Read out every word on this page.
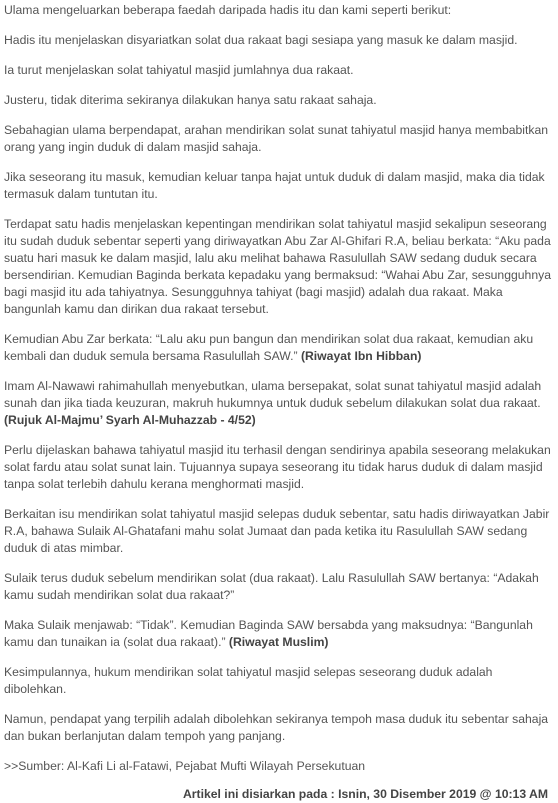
Ulama mengeluarkan beberapa faedah daripada hadis itu dan kami seperti berikut:

Hadis itu menjelaskan disyariatkan solat dua rakaat bagi sesiapa yang masuk ke dalam masjid.

Ia turut menjelaskan solat tahiyatul masjid jumlahnya dua rakaat.

Justeru, tidak diterima sekiranya dilakukan hanya satu rakaat sahaja.

Sebahagian ulama berpendapat, arahan mendirikan solat sunat tahiyatul masjid hanya membabitkan orang yang ingin duduk di dalam masjid sahaja.

Jika seseorang itu masuk, kemudian keluar tanpa hajat untuk duduk di dalam masjid, maka dia tidak termasuk dalam tuntutan itu.

Terdapat satu hadis menjelaskan kepentingan mendirikan solat tahiyatul masjid sekalipun seseorang itu sudah duduk sebentar seperti yang diriwayatkan Abu Zar Al-Ghifari R.A, beliau berkata: “Aku pada suatu hari masuk ke dalam masjid, lalu aku melihat bahawa Rasulullah SAW sedang duduk secara bersendirian. Kemudian Baginda berkata kepadaku yang bermaksud: “Wahai Abu Zar, sesungguhnya bagi masjid itu ada tahiyatnya. Sesungguhnya tahiyat (bagi masjid) adalah dua rakaat. Maka bangunlah kamu dan dirikan dua rakaat tersebut.

Kemudian Abu Zar berkata: “Lalu aku pun bangun dan mendirikan solat dua rakaat, kemudian aku kembali dan duduk semula bersama Rasulullah SAW.” (Riwayat Ibn Hibban)

Imam Al-Nawawi rahimahullah menyebutkan, ulama bersepakat, solat sunat tahiyatul masjid adalah sunah dan jika tiada keuzuran, makruh hukumnya untuk duduk sebelum dilakukan solat dua rakaat. (Rujuk Al-Majmu’ Syarh Al-Muhazzab - 4/52)

Perlu dijelaskan bahawa tahiyatul masjid itu terhasil dengan sendirinya apabila seseorang melakukan solat fardu atau solat sunat lain. Tujuannya supaya seseorang itu tidak harus duduk di dalam masjid tanpa solat terlebih dahulu kerana menghormati masjid.

Berkaitan isu mendirikan solat tahiyatul masjid selepas duduk sebentar, satu hadis diriwayatkan Jabir R.A, bahawa Sulaik Al-Ghatafani mahu solat Jumaat dan pada ketika itu Rasulullah SAW sedang duduk di atas mimbar.

Sulaik terus duduk sebelum mendirikan solat (dua rakaat). Lalu Rasulullah SAW bertanya: “Adakah kamu sudah mendirikan solat dua rakaat?”

Maka Sulaik menjawab: “Tidak”. Kemudian Baginda SAW bersabda yang maksudnya: “Bangunlah kamu dan tunaikan ia (solat dua rakaat).” (Riwayat Muslim)

Kesimpulannya, hukum mendirikan solat tahiyatul masjid selepas seseorang duduk adalah dibolehkan.

Namun, pendapat yang terpilih adalah dibolehkan sekiranya tempoh masa duduk itu sebentar sahaja dan bukan berlanjutan dalam tempoh yang panjang.

>>Sumber: Al-Kafi Li al-Fatawi, Pejabat Mufti Wilayah Persekutuan

Artikel ini disiarkan pada : Isnin, 30 Disember 2019 @ 10:13 AM
